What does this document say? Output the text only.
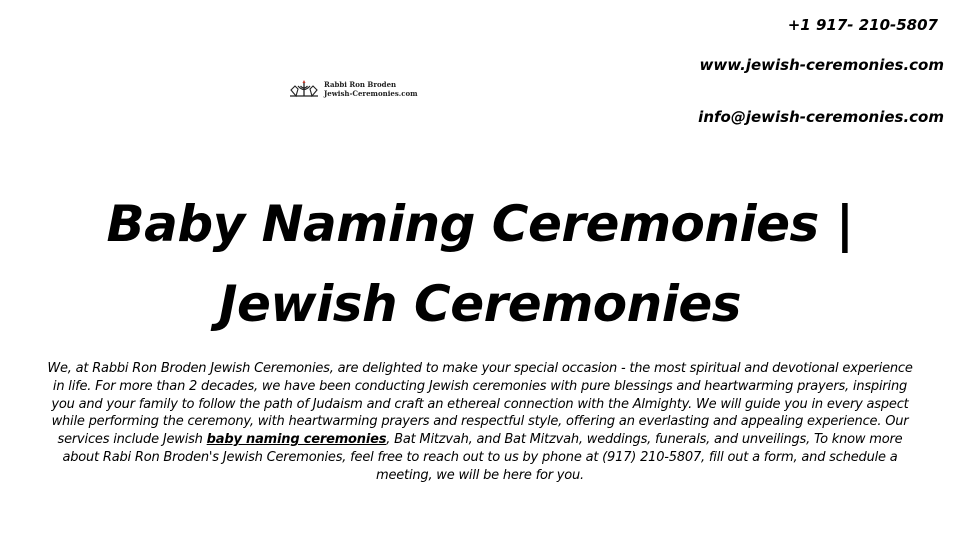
+1 917- 210-5807
www.jewish-ceremonies.com
info@jewish-ceremonies.com
Rabbi Ron Broden
Jewish-Ceremonies.com
Baby Naming Ceremonies |
Jewish Ceremonies

We, at Rabbi Ron Broden Jewish Ceremonies, are delighted to make your special occasion - the most spiritual and devotional experience in life. For more than 2 decades, we have been conducting Jewish ceremonies with pure blessings and heartwarming prayers, inspiring you and your family to follow the path of Judaism and craft an ethereal connection with the Almighty. We will guide you in every aspect while performing the ceremony, with heartwarming prayers and respectful style, offering an everlasting and appealing experience. Our services include Jewish baby naming ceremonies, Bat Mitzvah, and Bat Mitzvah, weddings, funerals, and unveilings, To know more about Rabi Ron Broden's Jewish Ceremonies, feel free to reach out to us by phone at (917) 210-5807, fill out a form, and schedule a meeting, we will be here for you.
